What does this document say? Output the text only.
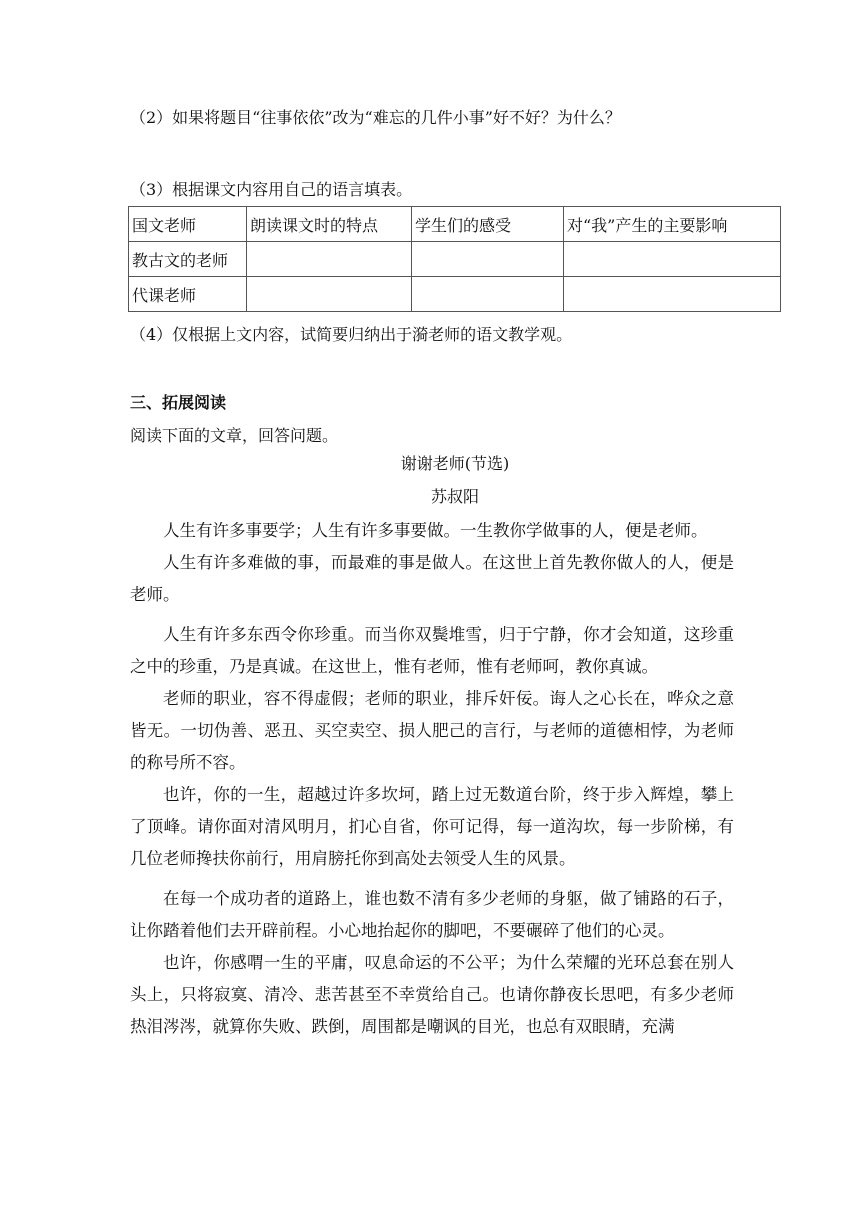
（2）如果将题目“往事依依”改为“难忘的几件小事”好不好？为什么？
（3）根据课文内容用自己的语言填表。
国文老师	朗读课文时的特点	学生们的感受	对“我”产生的主要影响
教古文的老师			
代课老师			
（4）仅根据上文内容，试简要归纳出于漪老师的语文教学观。
三、拓展阅读
阅读下面的文章，回答问题。
谢谢老师(节选)
苏叔阳

人生有许多事要学；人生有许多事要做。一生教你学做事的人，便是老师。

人生有许多难做的事，而最难的事是做人。在这世上首先教你做人的人，便是老师。

人生有许多东西令你珍重。而当你双鬓堆雪，归于宁静，你才会知道，这珍重之中的珍重，乃是真诚。在这世上，惟有老师，惟有老师呵，教你真诚。

老师的职业，容不得虚假；老师的职业，排斥奸佞。诲人之心长在，哗众之意皆无。一切伪善、恶丑、买空卖空、损人肥己的言行，与老师的道德相悖，为老师的称号所不容。

也许，你的一生，超越过许多坎坷，踏上过无数道台阶，终于步入辉煌，攀上了顶峰。请你面对清风明月，扪心自省，你可记得，每一道沟坎，每一步阶梯，有几位老师搀扶你前行，用肩膀托你到高处去领受人生的风景。

在每一个成功者的道路上，谁也数不清有多少老师的身躯，做了铺路的石子，让你踏着他们去开辟前程。小心地抬起你的脚吧，不要碾碎了他们的心灵。

也许，你感喟一生的平庸，叹息命运的不公平；为什么荣耀的光环总套在别人头上，只将寂寞、清冷、悲苦甚至不幸赏给自己。也请你静夜长思吧，有多少老师热泪涔涔，就算你失败、跌倒，周围都是嘲讽的目光，也总有双眼睛，充满
